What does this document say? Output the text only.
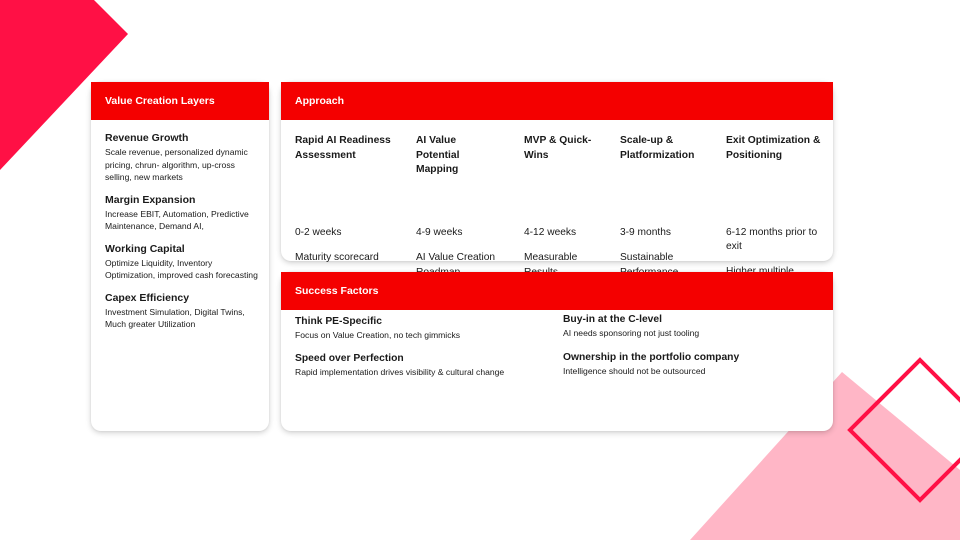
Value Creation Layers
Revenue Growth
Scale revenue, personalized dynamic pricing, chrun- algorithm, up-cross selling, new markets
Margin Expansion
Increase EBIT, Automation, Predictive Maintenance, Demand AI,
Working Capital
Optimize Liquidity, Inventory Optimization, improved cash forecasting
Capex Efficiency
Investment Simulation, Digital Twins, Much greater Utilization
Approach
Rapid AI Readiness Assessment
0-2 weeks
Maturity scorecard
AI Value Potential Mapping
4-9 weeks
AI Value Creation
MVP & Quick-Wins
4-12 weeks
Measurable
Scale-up & Platformization
3-9 months
Sustainable
Exit Optimization & Positioning
6-12 months prior to exit
Success Factors
Think PE-Specific
Focus on Value Creation, no tech gimmicks
Speed over Perfection
Rapid implementation drives visibility & cultural change
Buy-in at the C-level
AI needs sponsoring not just tooling
Ownership in the portfolio company
Intelligence should not be outsourced
